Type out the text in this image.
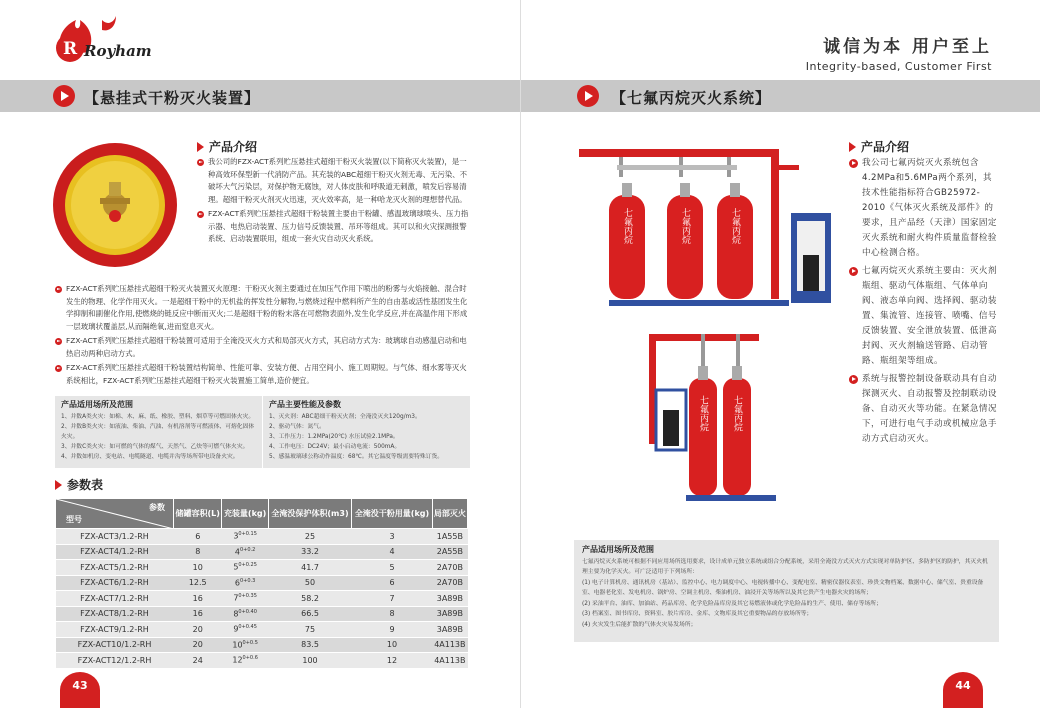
R Royham
【悬挂式干粉灭火装置】
产品介绍
我公司的FZX-ACT系列贮压悬挂式超细干粉灭火装置(以下简称灭火装置)，是一种高效环保型新一代消防产品。其充装的ABC超细干粉灭火剂无毒、无污染、不破坏大气污染层，对保护物无腐蚀，对人体皮肤和呼吸道无刺激，喷发后容易清理。超细干粉灭火剂灭火迅速，灭火效率高，是一种哈龙灭火剂的理想替代品。
FZX-ACT系列贮压悬挂式超细干粉装置主要由干粉罐、感温玻璃球喷头、压力指示器、电热启动装置、压力信号反馈装置、吊环等组成。其可以和火灾探测报警系统、启动装置联用，组成一套火灾自动灭火系统。
FZX-ACT系列贮压悬挂式超细干粉灭火装置灭火原理：干粉灭火剂主要通过在加压气作用下喷出的粉雾与火焰接触、混合时发生的物理、化学作用灭火。一是超细干粉中的无机盐的挥发性分解物,与燃烧过程中燃料所产生的自由基或活性基团发生化学抑制和副催化作用,使燃烧的链反应中断而灭火;二是超细干粉的粉末落在可燃物表面外,发生化学反应,并在高温作用下形成一层玻璃状覆盖层,从而隔绝氧,进而窒息灭火。
FZX-ACT系列贮压悬挂式超细干粉装置可适用于全淹没灭火方式和局部灭火方式，其启动方式为：玻璃球自动感温启动和电热启动两种启动方式。
FZX-ACT系列贮压悬挂式超细干粉装置结构简单、性能可靠、安装方便、占用空间小、施工周期短。与气体、细水雾等灭火系统相比，FZX-ACT系列贮压悬挂式超细干粉灭火装置施工简单,造价便宜。
产品适用场所及范围
1、并数A类火灾：如棉、木、麻、纸、橡胶、塑料、烟草等可燃固体火灾。
2、并数B类火灾：如液油、柴油、汽油、有机溶剂等可燃液体、可熔化固体火灾。
3、并数C类火灾：如可燃的气体的煤气、天然气、乙炔等可燃气体火灾。
4、并数如机房、变电站、电缆隧道、电缆并沟等场所带电设备火灾。
产品主要性能及参数
1、灭火剂：ABC超细干粉灭火剂；全淹没灭火120g/m3。
2、驱动气体：氮气。
3、工作压力：1.2MPa(20℃) 水压试验2.1MPa。
4、工作电压：DC24V；最小启动电流：500mA。
5、感温玻璃球公称动作温度：68℃。其它温度等级需要特殊订货。
参数表
参数
型号	储罐容积(L)	充装量(kg)	全淹没保护体积(m3)	全淹没干粉用量(kg)	局部灭火
FZX-ACT3/1.2-RH	6	$3^{0+0.15}$	25	3	1A55B
FZX-ACT4/1.2-RH	8	$4^{0+0.2}$	33.2	4	2A55B
FZX-ACT5/1.2-RH	10	$5^{0+0.25}$	41.7	5	2A70B
FZX-ACT6/1.2-RH	12.5	$6^{0+0.3}$	50	6	2A70B
FZX-ACT7/1.2-RH	16	$7^{0+0.35}$	58.2	7	3A89B
FZX-ACT8/1.2-RH	16	$8^{0+0.40}$	66.5	8	3A89B
FZX-ACT9/1.2-RH	20	$9^{0+0.45}$	75	9	3A89B
FZX-ACT10/1.2-RH	20	$10^{0+0.5}$	83.5	10	4A113B
FZX-ACT12/1.2-RH	24	$12^{0+0.6}$	100	12	4A113B
43
诚信为本 用户至上
Integrity-based, Customer First
【七氟丙烷灭火系统】
七氟丙烷	七氟丙烷	七氟丙烷
七氟丙烷	七氟丙烷
产品介绍
我公司七氟丙烷灭火系统包含4.2MPa和5.6MPa两个系列，其技术性能指标符合GB25972-2010《气体灭火系统及部件》的要求，且产品经（天津）国家固定灭火系统和耐火构件质量监督检验中心检测合格。
七氟丙烷灭火系统主要由：灭火剂瓶组、驱动气体瓶组、气体单向阀、液态单向阀、选择阀、驱动装置、集流管、连接管、喷嘴、信号反馈装置、安全泄放装置、低泄高封阀、灭火剂输送管路、启动管路、瓶组架等组成。
系统与报警控制设备联动具有自动探测灭火、自动报警及控制联动设备、自动灭火等功能。在紧急情况下，可进行电气手动或机械应急手动方式启动灭火。
产品适用场所及范围
七氟丙烷灭火系统可根据不同应用场所选用要求，设计成单元独立系统或组合分配系统，采用全淹没方式灭火方式实现对单防护区、多防护区的防护，其灭火机理主要为化学灭火。可广泛适用于下列场所：
(1) 电子计算机房、通讯机房（基站）、监控中心、电力调度中心、电视转播中心、变配电室、精密仪器仪表室、珍贵文物档案、数据中心、储气室、贵重设备室、电器老化室、发电机房、锅炉房、空调主机房、柴油机房、油浸开关等场所以及其它贵产生电器火灾的场所；
(2) 采油平台、油库、加油站、药品库房、化学危险品库房及其它易燃液体或化学危险品的生产、使用、储存等场所；
(3) 档案室、图书库房、资料室、胶片库房、金库、文物库及其它重要物品的存放场所等；
(4) 火灾发生后能扩散的气体火灾易发场所；
44
